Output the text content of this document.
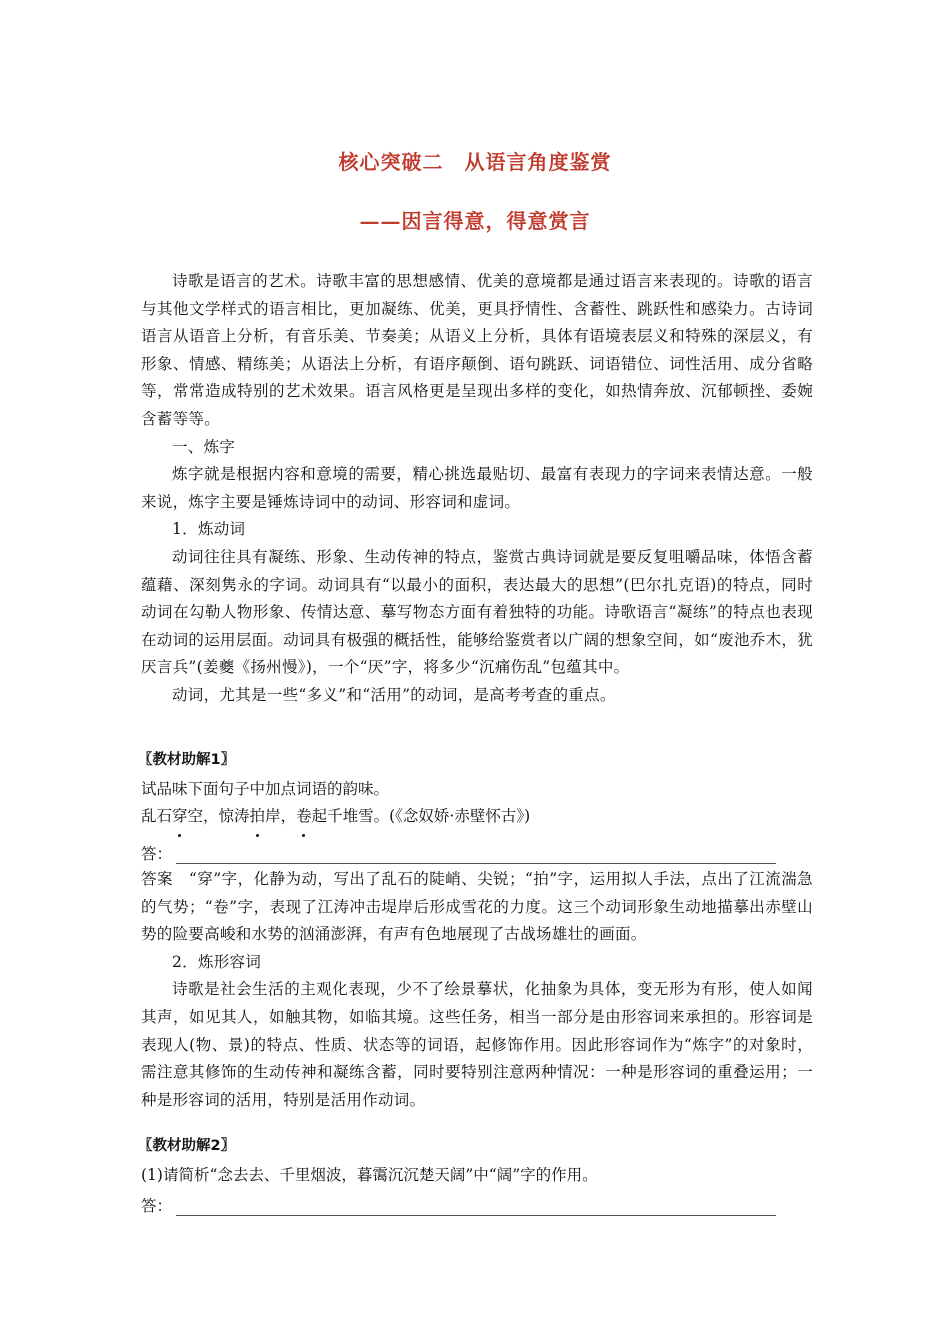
核心突破二　从语言角度鉴赏
——因言得意，得意赏言

诗歌是语言的艺术。诗歌丰富的思想感情、优美的意境都是通过语言来表现的。诗歌的语言与其他文学样式的语言相比，更加凝练、优美，更具抒情性、含蓄性、跳跃性和感染力。古诗词语言从语音上分析，有音乐美、节奏美；从语义上分析，具体有语境表层义和特殊的深层义，有形象、情感、精练美；从语法上分析，有语序颠倒、语句跳跃、词语错位、词性活用、成分省略等，常常造成特别的艺术效果。语言风格更是呈现出多样的变化，如热情奔放、沉郁顿挫、委婉含蓄等等。

一、炼字

炼字就是根据内容和意境的需要，精心挑选最贴切、最富有表现力的字词来表情达意。一般来说，炼字主要是锤炼诗词中的动词、形容词和虚词。

1．炼动词

动词往往具有凝练、形象、生动传神的特点，鉴赏古典诗词就是要反复咀嚼品味，体悟含蓄蕴藉、深刻隽永的字词。动词具有“以最小的面积，表达最大的思想”(巴尔扎克语)的特点，同时动词在勾勒人物形象、传情达意、摹写物态方面有着独特的功能。诗歌语言“凝练”的特点也表现在动词的运用层面。动词具有极强的概括性，能够给鉴赏者以广阔的想象空间，如“废池乔木，犹厌言兵”(姜夔《扬州慢》)，一个“厌”字，将多少“沉痛伤乱”包蕴其中。

动词，尤其是一些“多义”和“活用”的动词，是高考考查的重点。

〖教材助解1〗
试品味下面句子中加点词语的韵味。
乱石穿空，惊涛拍岸，卷起千堆雪。(《念奴娇·赤壁怀古》)
答：

答案　 “穿”字，化静为动，写出了乱石的陡峭、尖锐；“拍”字，运用拟人手法，点出了江流湍急的气势；“卷”字，表现了江涛冲击堤岸后形成雪花的力度。这三个动词形象生动地描摹出赤壁山势的险要高峻和水势的汹涌澎湃，有声有色地展现了古战场雄壮的画面。

2．炼形容词

诗歌是社会生活的主观化表现，少不了绘景摹状，化抽象为具体，变无形为有形，使人如闻其声，如见其人，如触其物，如临其境。这些任务，相当一部分是由形容词来承担的。形容词是表现人(物、景)的特点、性质、状态等的词语，起修饰作用。因此形容词作为“炼字”的对象时，需注意其修饰的生动传神和凝练含蓄，同时要特别注意两种情况：一种是形容词的重叠运用；一种是形容词的活用，特别是活用作动词。

〖教材助解2〗
(1)请简析“念去去、千里烟波，暮霭沉沉楚天阔”中“阔”字的作用。
答：
